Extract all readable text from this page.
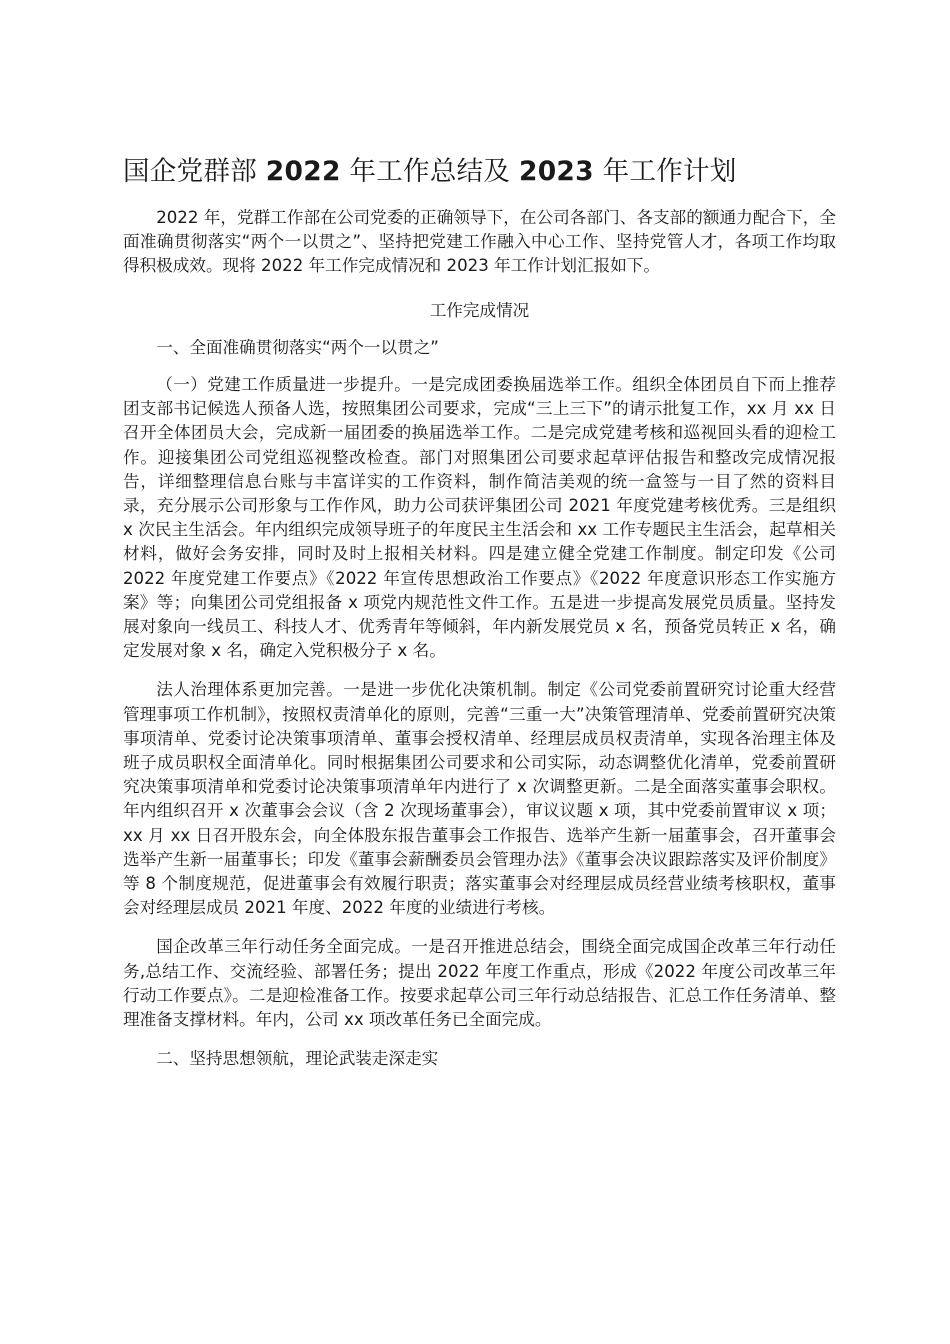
国企党群部 2022 年工作总结及 2023 年工作计划

2022 年，党群工作部在公司党委的正确领导下，在公司各部门、各支部的额通力配合下，全面准确贯彻落实“两个一以贯之”、坚持把党建工作融入中心工作、坚持党管人才，各项工作均取得积极成效。现将 2022 年工作完成情况和 2023 年工作计划汇报如下。

工作完成情况

一、全面准确贯彻落实“两个一以贯之”

（一）党建工作质量进一步提升。一是完成团委换届选举工作。组织全体团员自下而上推荐团支部书记候选人预备人选，按照集团公司要求，完成“三上三下”的请示批复工作，xx 月 xx 日召开全体团员大会，完成新一届团委的换届选举工作。二是完成党建考核和巡视回头看的迎检工作。迎接集团公司党组巡视整改检查。部门对照集团公司要求起草评估报告和整改完成情况报告，详细整理信息台账与丰富详实的工作资料，制作简洁美观的统一盒签与一目了然的资料目录，充分展示公司形象与工作作风，助力公司获评集团公司 2021 年度党建考核优秀。三是组织 x 次民主生活会。年内组织完成领导班子的年度民主生活会和 xx 工作专题民主生活会，起草相关材料，做好会务安排，同时及时上报相关材料。四是建立健全党建工作制度。制定印发《公司 2022 年度党建工作要点》《2022 年宣传思想政治工作要点》《2022 年度意识形态工作实施方案》等；向集团公司党组报备 x 项党内规范性文件工作。五是进一步提高发展党员质量。坚持发展对象向一线员工、科技人才、优秀青年等倾斜，年内新发展党员 x 名，预备党员转正 x 名，确定发展对象 x 名，确定入党积极分子 x 名。

法人治理体系更加完善。一是进一步优化决策机制。制定《公司党委前置研究讨论重大经营管理事项工作机制》，按照权责清单化的原则，完善“三重一大”决策管理清单、党委前置研究决策事项清单、党委讨论决策事项清单、董事会授权清单、经理层成员权责清单，实现各治理主体及班子成员职权全面清单化。同时根据集团公司要求和公司实际，动态调整优化清单，党委前置研究决策事项清单和党委讨论决策事项清单年内进行了 x 次调整更新。二是全面落实董事会职权。年内组织召开 x 次董事会会议（含 2 次现场董事会），审议议题 x 项，其中党委前置审议 x 项；xx 月 xx 日召开股东会，向全体股东报告董事会工作报告、选举产生新一届董事会，召开董事会选举产生新一届董事长；印发《董事会薪酬委员会管理办法》《董事会决议跟踪落实及评价制度》等 8 个制度规范，促进董事会有效履行职责；落实董事会对经理层成员经营业绩考核职权，董事会对经理层成员 2021 年度、2022 年度的业绩进行考核。

国企改革三年行动任务全面完成。一是召开推进总结会，围绕全面完成国企改革三年行动任务,总结工作、交流经验、部署任务；提出 2022 年度工作重点，形成《2022 年度公司改革三年行动工作要点》。二是迎检准备工作。按要求起草公司三年行动总结报告、汇总工作任务清单、整理准备支撑材料。年内，公司 xx 项改革任务已全面完成。

二、坚持思想领航，理论武装走深走实
